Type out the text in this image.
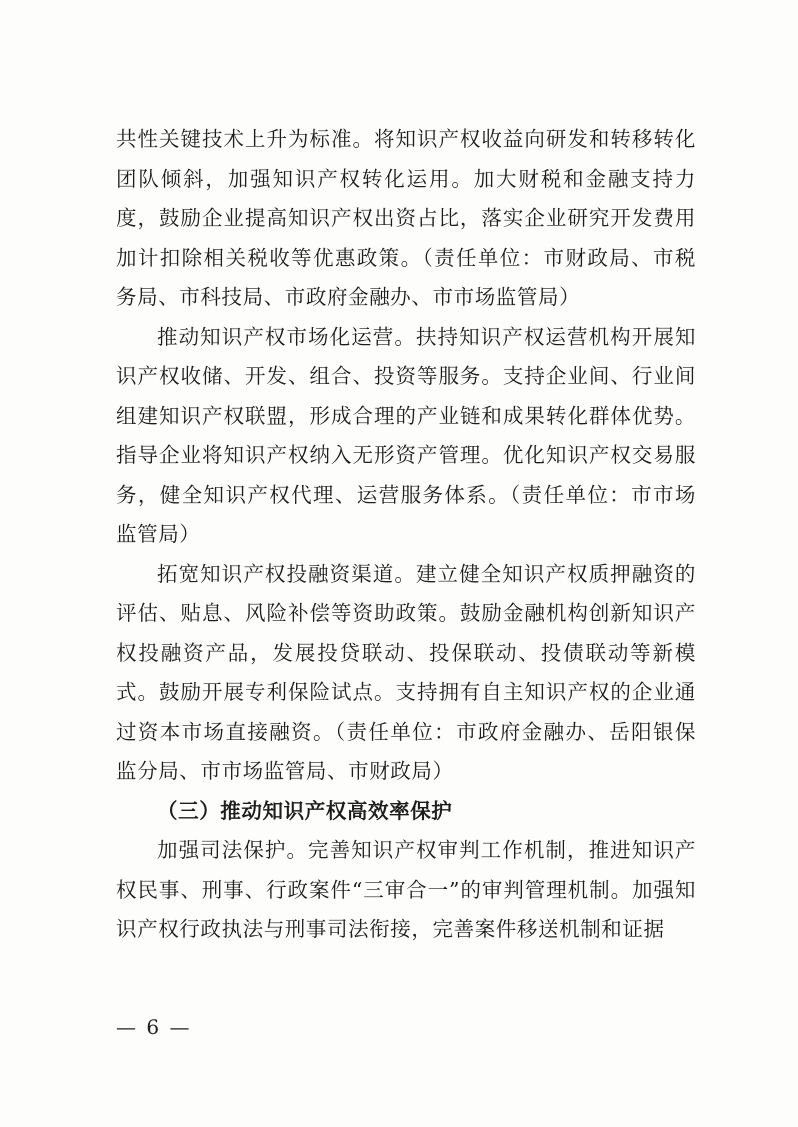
共性关键技术上升为标准。将知识产权收益向研发和转移转化团队倾斜，加强知识产权转化运用。加大财税和金融支持力度，鼓励企业提高知识产权出资占比，落实企业研究开发费用加计扣除相关税收等优惠政策。（责任单位：市财政局、市税务局、市科技局、市政府金融办、市市场监管局）

推动知识产权市场化运营。扶持知识产权运营机构开展知识产权收储、开发、组合、投资等服务。支持企业间、行业间组建知识产权联盟，形成合理的产业链和成果转化群体优势。指导企业将知识产权纳入无形资产管理。优化知识产权交易服务，健全知识产权代理、运营服务体系。（责任单位：市市场监管局）

拓宽知识产权投融资渠道。建立健全知识产权质押融资的评估、贴息、风险补偿等资助政策。鼓励金融机构创新知识产权投融资产品，发展投贷联动、投保联动、投债联动等新模式。鼓励开展专利保险试点。支持拥有自主知识产权的企业通过资本市场直接融资。（责任单位：市政府金融办、岳阳银保监分局、市市场监管局、市财政局）

（三）推动知识产权高效率保护

加强司法保护。完善知识产权审判工作机制，推进知识产权民事、刑事、行政案件“三审合一”的审判管理机制。加强知识产权行政执法与刑事司法衔接，完善案件移送机制和证据

— 6 —
